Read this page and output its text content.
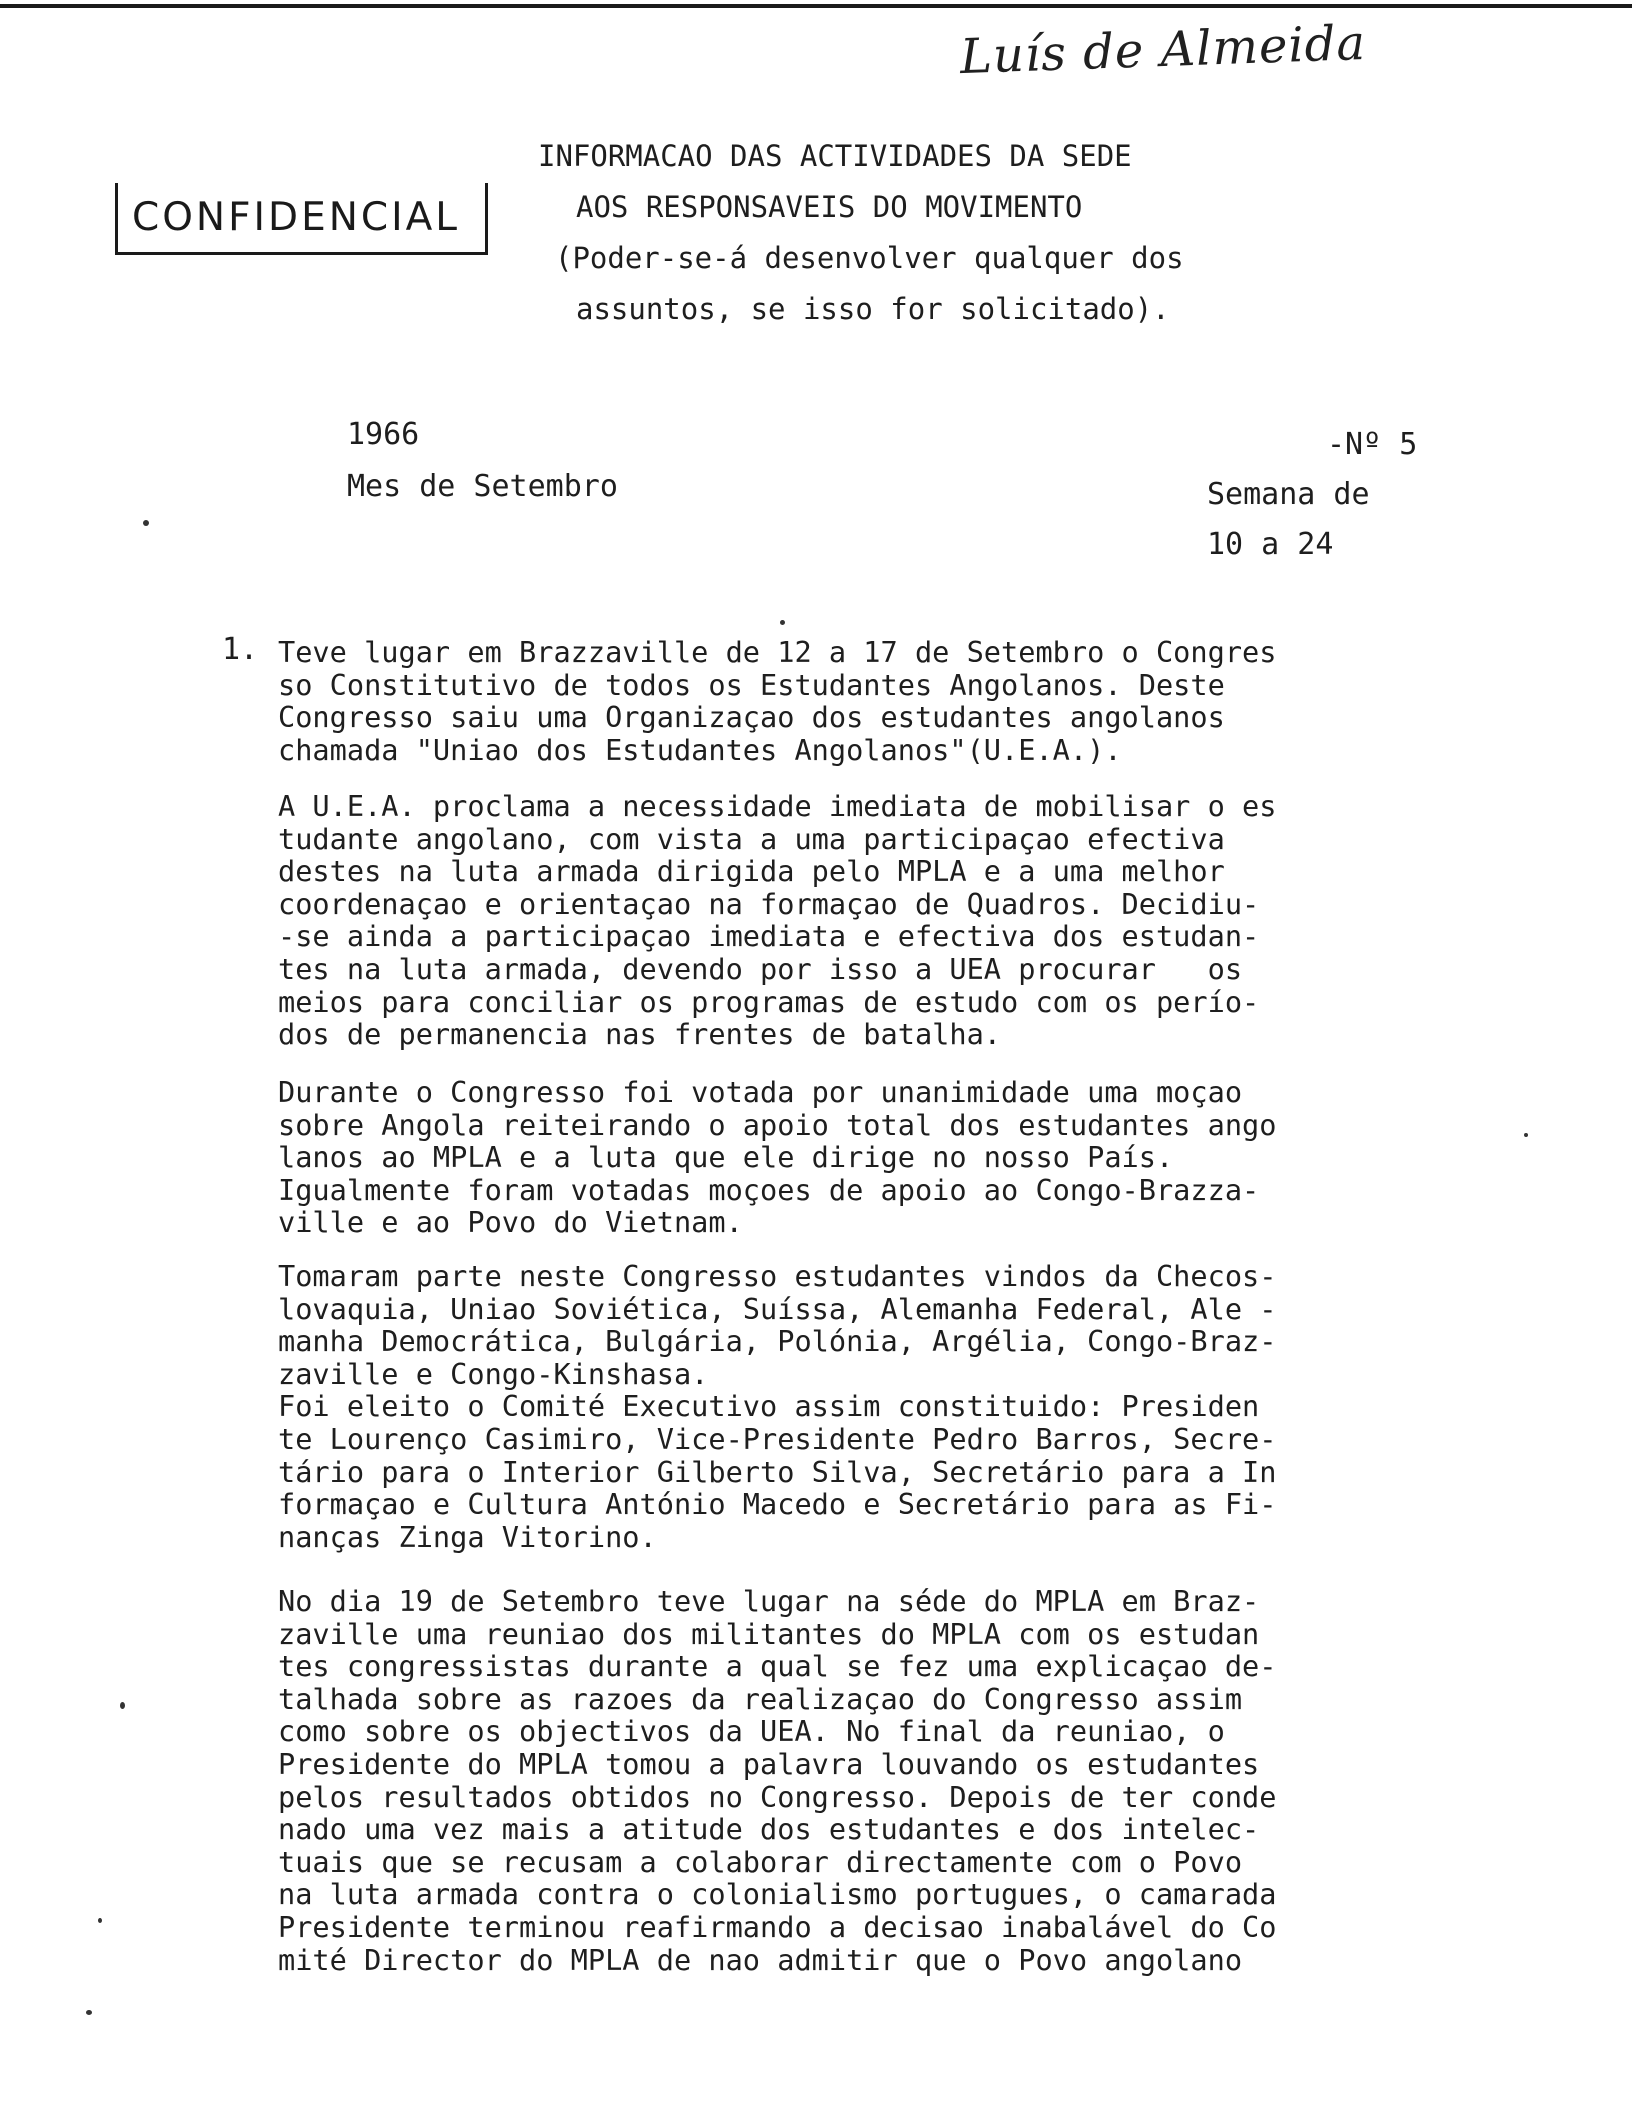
Luís de Almeida
CONFIDENCIAL
INFORMACAO DAS ACTIVIDADES DA SEDE
AOS RESPONSAVEIS DO MOVIMENTO
(Poder-se-á desenvolver qualquer dos
assuntos, se isso for solicitado).
1966
Mes de Setembro
-Nº 5
Semana de
10 a 24
1. Teve lugar em Brazzaville de 12 a 17 de Setembro o Congres
so Constitutivo de todos os Estudantes Angolanos. Deste
Congresso saiu uma Organizaçao dos estudantes angolanos
chamada "Uniao dos Estudantes Angolanos"(U.E.A.).
A U.E.A. proclama a necessidade imediata de mobilisar o es
tudante angolano, com vista a uma participaçao efectiva
destes na luta armada dirigida pelo MPLA e a uma melhor
coordenaçao e orientaçao na formaçao de Quadros. Decidiu-
-se ainda a participaçao imediata e efectiva dos estudan-
tes na luta armada, devendo por isso a UEA procurar   os
meios para conciliar os programas de estudo com os perío-
dos de permanencia nas frentes de batalha.
Durante o Congresso foi votada por unanimidade uma moçao
sobre Angola reiteirando o apoio total dos estudantes ango
lanos ao MPLA e a luta que ele dirige no nosso País.
Igualmente foram votadas moçoes de apoio ao Congo-Brazza-
ville e ao Povo do Vietnam.
Tomaram parte neste Congresso estudantes vindos da Checos-
lovaquia, Uniao Soviética, Suíssa, Alemanha Federal, Ale -
manha Democrática, Bulgária, Polónia, Argélia, Congo-Braz-
zaville e Congo-Kinshasa.
Foi eleito o Comité Executivo assim constituido: Presiden
te Lourenço Casimiro, Vice-Presidente Pedro Barros, Secre-
tário para o Interior Gilberto Silva, Secretário para a In
formaçao e Cultura António Macedo e Secretário para as Fi-
nanças Zinga Vitorino.
No dia 19 de Setembro teve lugar na séde do MPLA em Braz-
zaville uma reuniao dos militantes do MPLA com os estudan
tes congressistas durante a qual se fez uma explicaçao de-
talhada sobre as razoes da realizaçao do Congresso assim
como sobre os objectivos da UEA. No final da reuniao, o
Presidente do MPLA tomou a palavra louvando os estudantes
pelos resultados obtidos no Congresso. Depois de ter conde
nado uma vez mais a atitude dos estudantes e dos intelec-
tuais que se recusam a colaborar directamente com o Povo
na luta armada contra o colonialismo portugues, o camarada
Presidente terminou reafirmando a decisao inabalável do Co
mité Director do MPLA de nao admitir que o Povo angolano
